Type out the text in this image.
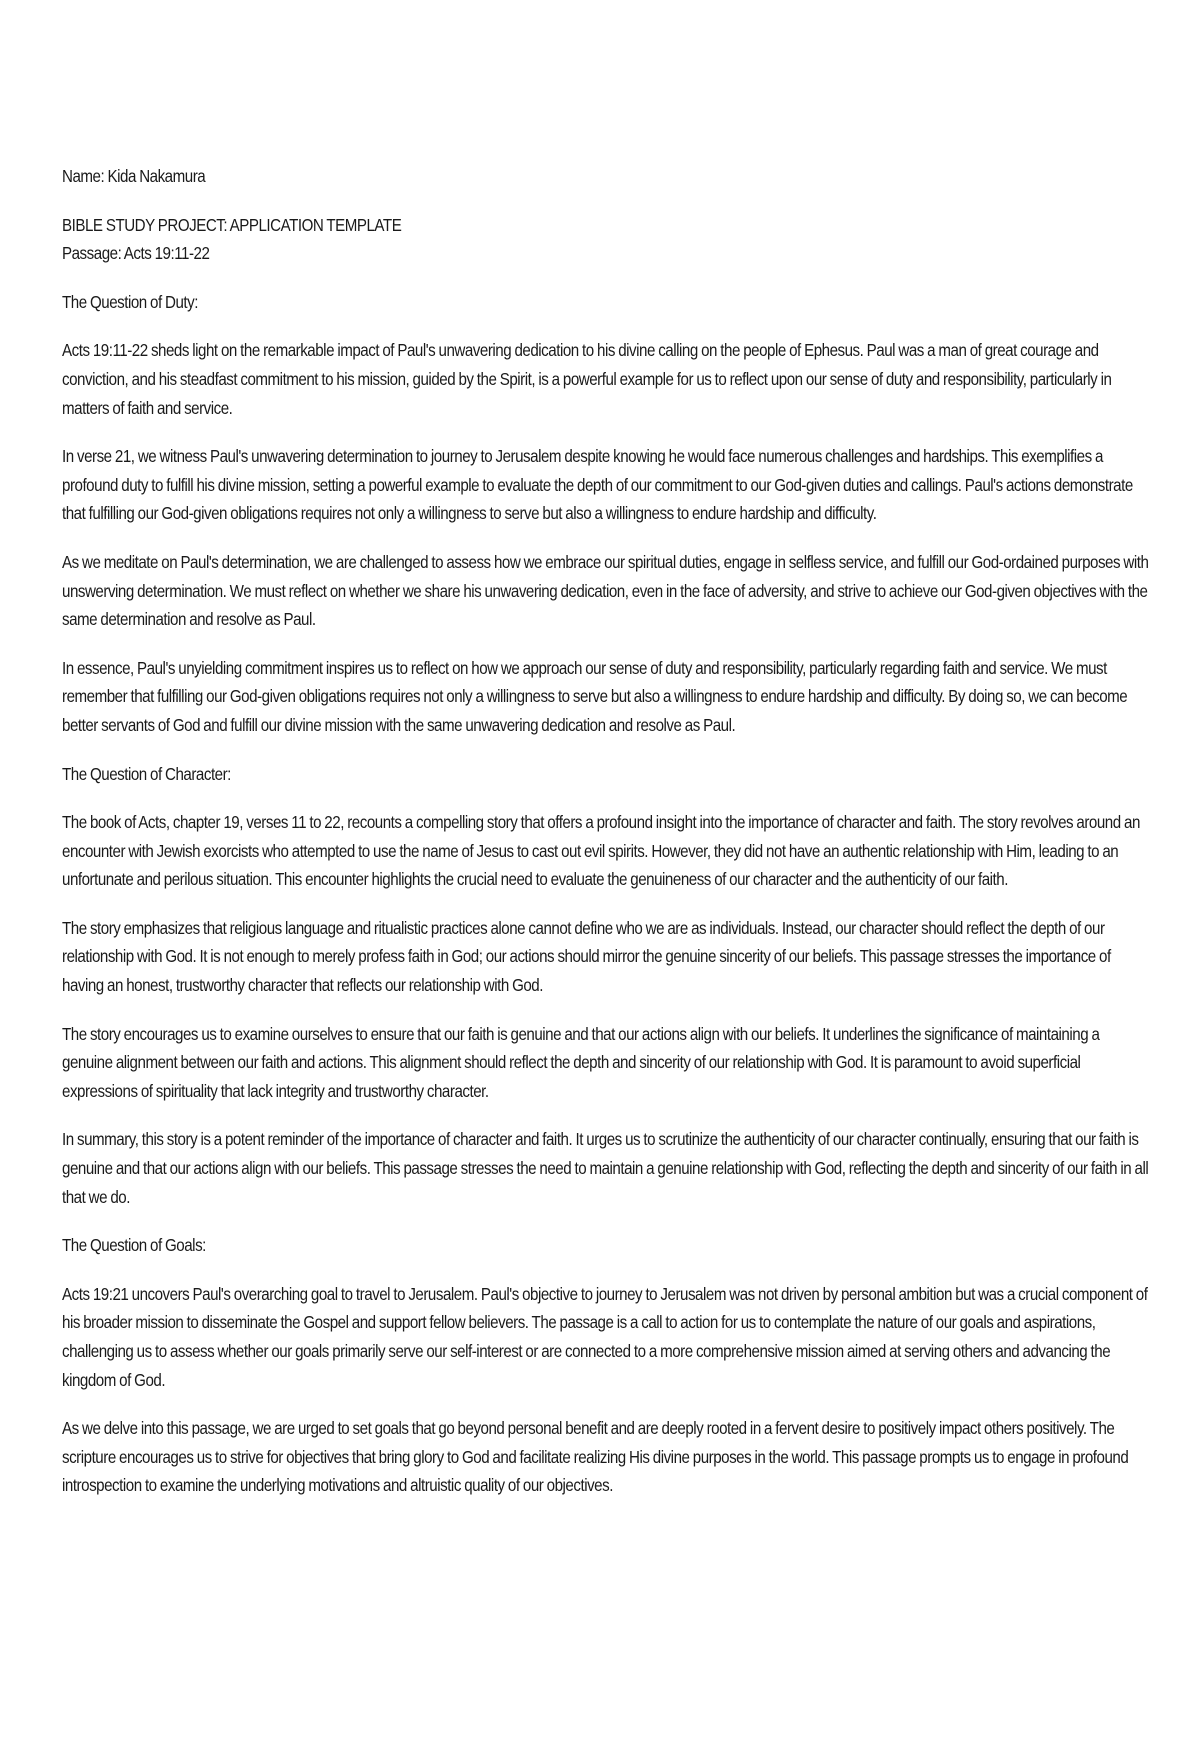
Name: Kida Nakamura

BIBLE STUDY PROJECT: APPLICATION TEMPLATE

Passage: Acts 19:11-22

The Question of Duty:

Acts 19:11-22 sheds light on the remarkable impact of Paul's unwavering dedication to his divine calling on the people of Ephesus. Paul was a man of great courage and conviction, and his steadfast commitment to his mission, guided by the Spirit, is a powerful example for us to reflect upon our sense of duty and responsibility, particularly in matters of faith and service.

In verse 21, we witness Paul's unwavering determination to journey to Jerusalem despite knowing he would face numerous challenges and hardships. This exemplifies a profound duty to fulfill his divine mission, setting a powerful example to evaluate the depth of our commitment to our God-given duties and callings. Paul's actions demonstrate that fulfilling our God-given obligations requires not only a willingness to serve but also a willingness to endure hardship and difficulty.

As we meditate on Paul's determination, we are challenged to assess how we embrace our spiritual duties, engage in selfless service, and fulfill our God-ordained purposes with unswerving determination. We must reflect on whether we share his unwavering dedication, even in the face of adversity, and strive to achieve our God-given objectives with the same determination and resolve as Paul.

In essence, Paul's unyielding commitment inspires us to reflect on how we approach our sense of duty and responsibility, particularly regarding faith and service. We must remember that fulfilling our God-given obligations requires not only a willingness to serve but also a willingness to endure hardship and difficulty. By doing so, we can become better servants of God and fulfill our divine mission with the same unwavering dedication and resolve as Paul.

The Question of Character:

The book of Acts, chapter 19, verses 11 to 22, recounts a compelling story that offers a profound insight into the importance of character and faith. The story revolves around an encounter with Jewish exorcists who attempted to use the name of Jesus to cast out evil spirits. However, they did not have an authentic relationship with Him, leading to an unfortunate and perilous situation. This encounter highlights the crucial need to evaluate the genuineness of our character and the authenticity of our faith.

The story emphasizes that religious language and ritualistic practices alone cannot define who we are as individuals. Instead, our character should reflect the depth of our relationship with God. It is not enough to merely profess faith in God; our actions should mirror the genuine sincerity of our beliefs. This passage stresses the importance of having an honest, trustworthy character that reflects our relationship with God.

The story encourages us to examine ourselves to ensure that our faith is genuine and that our actions align with our beliefs. It underlines the significance of maintaining a genuine alignment between our faith and actions. This alignment should reflect the depth and sincerity of our relationship with God. It is paramount to avoid superficial expressions of spirituality that lack integrity and trustworthy character.

In summary, this story is a potent reminder of the importance of character and faith. It urges us to scrutinize the authenticity of our character continually, ensuring that our faith is genuine and that our actions align with our beliefs. This passage stresses the need to maintain a genuine relationship with God, reflecting the depth and sincerity of our faith in all that we do.

The Question of Goals:

Acts 19:21 uncovers Paul's overarching goal to travel to Jerusalem. Paul's objective to journey to Jerusalem was not driven by personal ambition but was a crucial component of his broader mission to disseminate the Gospel and support fellow believers. The passage is a call to action for us to contemplate the nature of our goals and aspirations, challenging us to assess whether our goals primarily serve our self-interest or are connected to a more comprehensive mission aimed at serving others and advancing the kingdom of God.

As we delve into this passage, we are urged to set goals that go beyond personal benefit and are deeply rooted in a fervent desire to positively impact others positively. The scripture encourages us to strive for objectives that bring glory to God and facilitate realizing His divine purposes in the world. This passage prompts us to engage in profound introspection to examine the underlying motivations and altruistic quality of our objectives.
